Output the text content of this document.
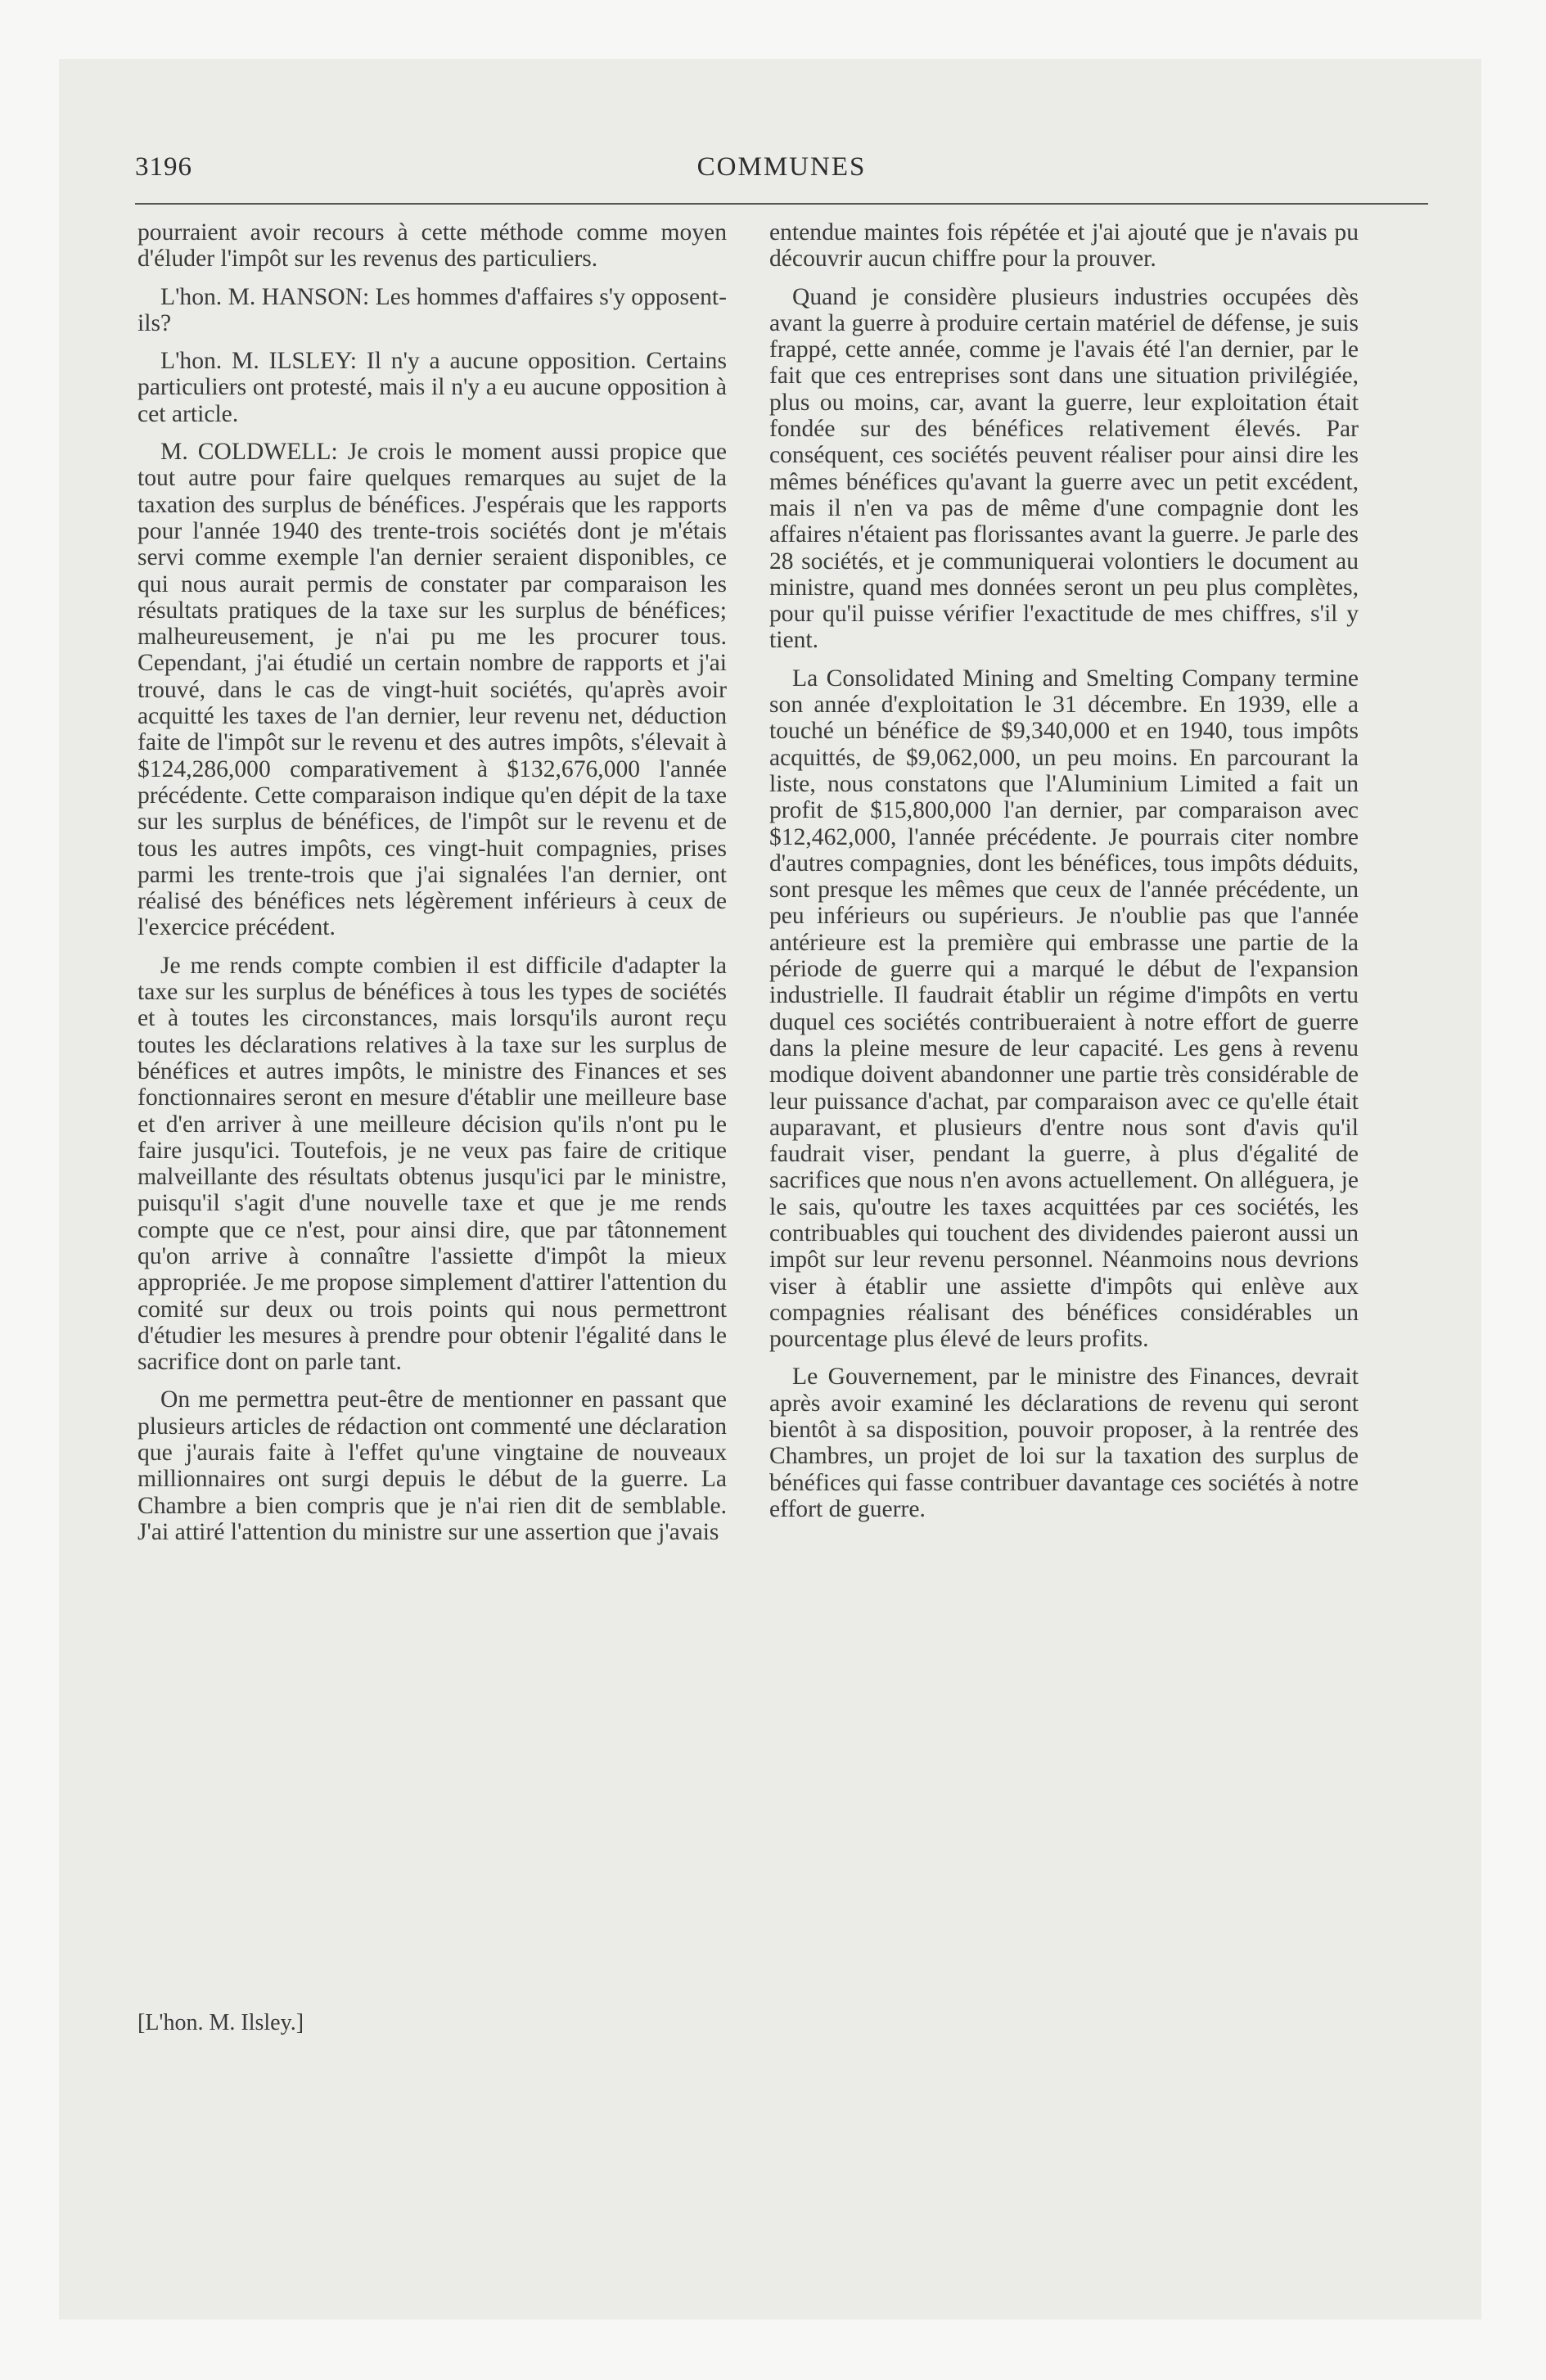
3196	COMMUNES

pourraient avoir recours à cette méthode comme moyen d'éluder l'impôt sur les revenus des particuliers.

L'hon. M. HANSON: Les hommes d'affaires s'y opposent-ils?

L'hon. M. ILSLEY: Il n'y a aucune opposition. Certains particuliers ont protesté, mais il n'y a eu aucune opposition à cet article.

M. COLDWELL: Je crois le moment aussi propice que tout autre pour faire quelques remarques au sujet de la taxation des surplus de bénéfices. J'espérais que les rapports pour l'année 1940 des trente-trois sociétés dont je m'étais servi comme exemple l'an dernier seraient disponibles, ce qui nous aurait permis de constater par comparaison les résultats pratiques de la taxe sur les surplus de bénéfices; malheureusement, je n'ai pu me les procurer tous. Cependant, j'ai étudié un certain nombre de rapports et j'ai trouvé, dans le cas de vingt-huit sociétés, qu'après avoir acquitté les taxes de l'an dernier, leur revenu net, déduction faite de l'impôt sur le revenu et des autres impôts, s'élevait à $124,286,000 comparativement à $132,676,000 l'année précédente. Cette comparaison indique qu'en dépit de la taxe sur les surplus de bénéfices, de l'impôt sur le revenu et de tous les autres impôts, ces vingt-huit compagnies, prises parmi les trente-trois que j'ai signalées l'an dernier, ont réalisé des bénéfices nets légèrement inférieurs à ceux de l'exercice précédent.

Je me rends compte combien il est difficile d'adapter la taxe sur les surplus de bénéfices à tous les types de sociétés et à toutes les circonstances, mais lorsqu'ils auront reçu toutes les déclarations relatives à la taxe sur les surplus de bénéfices et autres impôts, le ministre des Finances et ses fonctionnaires seront en mesure d'établir une meilleure base et d'en arriver à une meilleure décision qu'ils n'ont pu le faire jusqu'ici. Toutefois, je ne veux pas faire de critique malveillante des résultats obtenus jusqu'ici par le ministre, puisqu'il s'agit d'une nouvelle taxe et que je me rends compte que ce n'est, pour ainsi dire, que par tâtonnement qu'on arrive à connaître l'assiette d'impôt la mieux appropriée. Je me propose simplement d'attirer l'attention du comité sur deux ou trois points qui nous permettront d'étudier les mesures à prendre pour obtenir l'égalité dans le sacrifice dont on parle tant.

On me permettra peut-être de mentionner en passant que plusieurs articles de rédaction ont commenté une déclaration que j'aurais faite à l'effet qu'une vingtaine de nouveaux millionnaires ont surgi depuis le début de la guerre. La Chambre a bien compris que je n'ai rien dit de semblable. J'ai attiré l'attention du ministre sur une assertion que j'avais

entendue maintes fois répétée et j'ai ajouté que je n'avais pu découvrir aucun chiffre pour la prouver.

Quand je considère plusieurs industries occupées dès avant la guerre à produire certain matériel de défense, je suis frappé, cette année, comme je l'avais été l'an dernier, par le fait que ces entreprises sont dans une situation privilégiée, plus ou moins, car, avant la guerre, leur exploitation était fondée sur des bénéfices relativement élevés. Par conséquent, ces sociétés peuvent réaliser pour ainsi dire les mêmes bénéfices qu'avant la guerre avec un petit excédent, mais il n'en va pas de même d'une compagnie dont les affaires n'étaient pas florissantes avant la guerre. Je parle des 28 sociétés, et je communiquerai volontiers le document au ministre, quand mes données seront un peu plus complètes, pour qu'il puisse vérifier l'exactitude de mes chiffres, s'il y tient.

La Consolidated Mining and Smelting Company termine son année d'exploitation le 31 décembre. En 1939, elle a touché un bénéfice de $9,340,000 et en 1940, tous impôts acquittés, de $9,062,000, un peu moins. En parcourant la liste, nous constatons que l'Aluminium Limited a fait un profit de $15,800,000 l'an dernier, par comparaison avec $12,462,000, l'année précédente. Je pourrais citer nombre d'autres compagnies, dont les bénéfices, tous impôts déduits, sont presque les mêmes que ceux de l'année précédente, un peu inférieurs ou supérieurs. Je n'oublie pas que l'année antérieure est la première qui embrasse une partie de la période de guerre qui a marqué le début de l'expansion industrielle. Il faudrait établir un régime d'impôts en vertu duquel ces sociétés contribueraient à notre effort de guerre dans la pleine mesure de leur capacité. Les gens à revenu modique doivent abandonner une partie très considérable de leur puissance d'achat, par comparaison avec ce qu'elle était auparavant, et plusieurs d'entre nous sont d'avis qu'il faudrait viser, pendant la guerre, à plus d'égalité de sacrifices que nous n'en avons actuellement. On alléguera, je le sais, qu'outre les taxes acquittées par ces sociétés, les contribuables qui touchent des dividendes paieront aussi un impôt sur leur revenu personnel. Néanmoins nous devrions viser à établir une assiette d'impôts qui enlève aux compagnies réalisant des bénéfices considérables un pourcentage plus élevé de leurs profits.

Le Gouvernement, par le ministre des Finances, devrait après avoir examiné les déclarations de revenu qui seront bientôt à sa disposition, pouvoir proposer, à la rentrée des Chambres, un projet de loi sur la taxation des surplus de bénéfices qui fasse contribuer davantage ces sociétés à notre effort de guerre.

[L'hon. M. Ilsley.]
